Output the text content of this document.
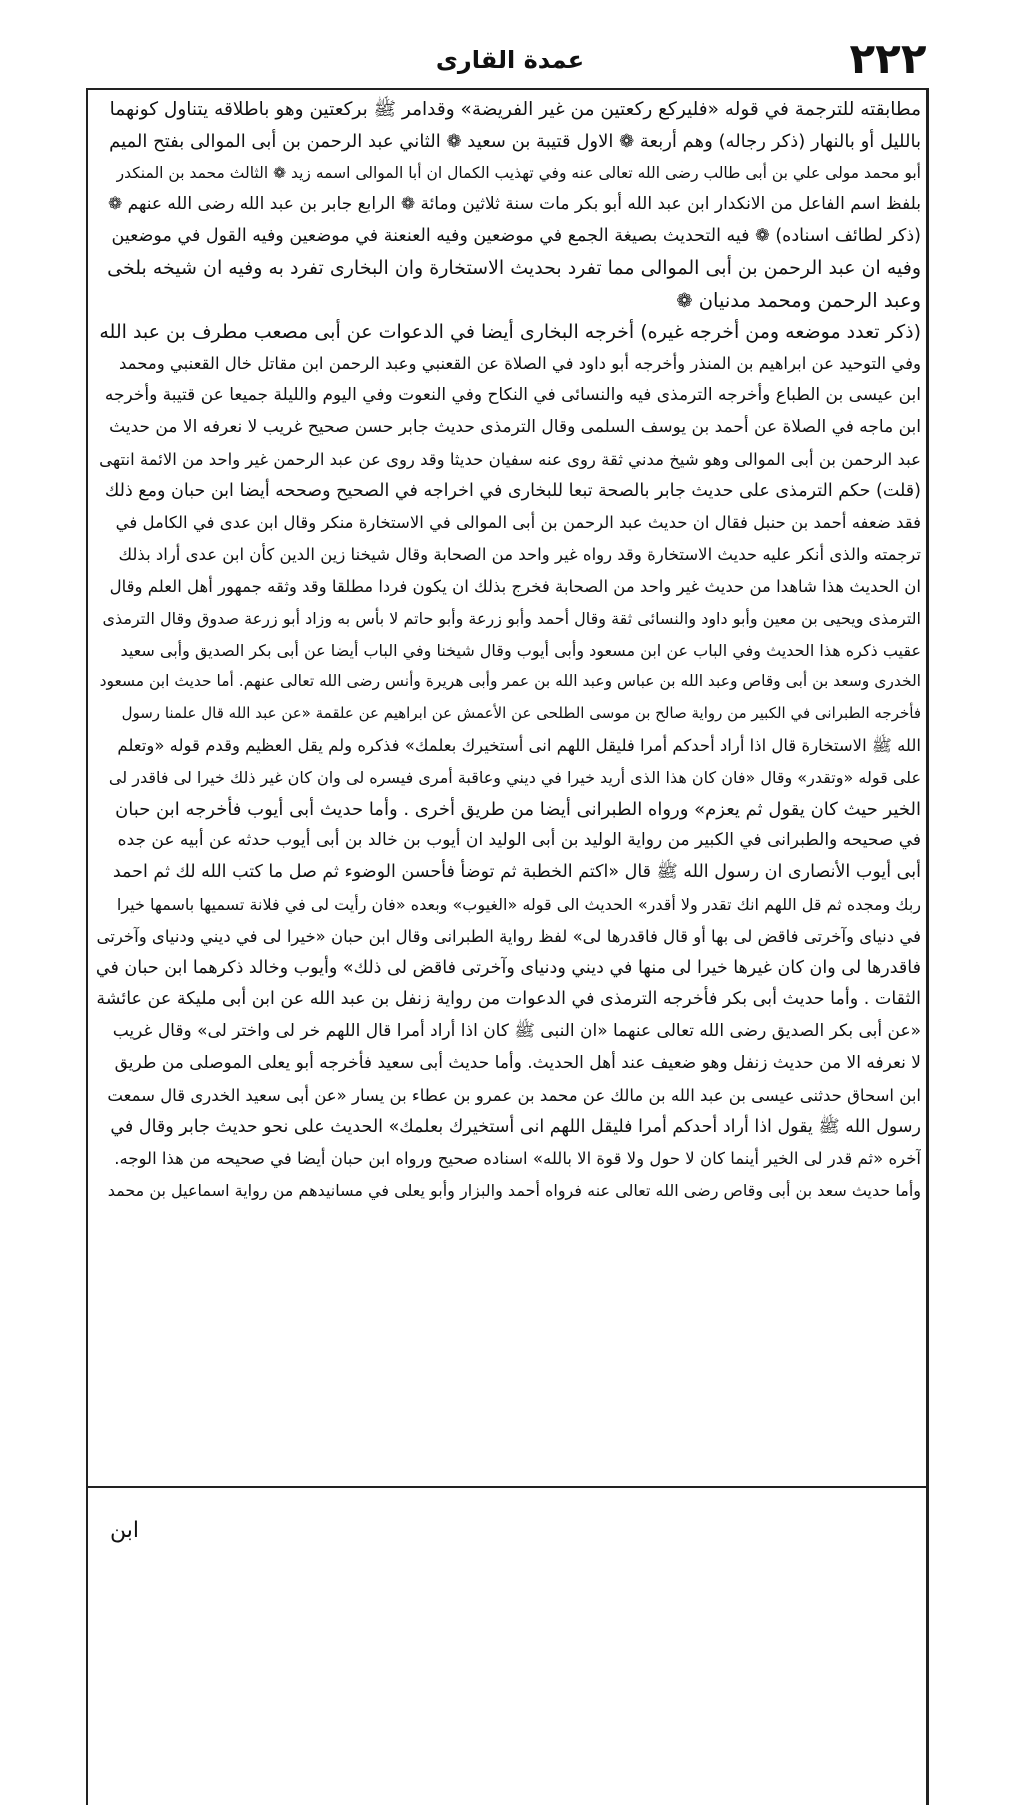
٢٢٢
عمدة القارى
مطابقته للترجمة في قوله «فليركع ركعتين من غير الفريضة» وقدامر ﷺ بركعتين وهو باطلاقه يتناول كونهما
بالليل أو بالنهار (ذكر رجاله) وهم أربعة ❁ الاول قتيبة بن سعيد ❁ الثاني عبد الرحمن بن أبى الموالى بفتح الميم
أبو محمد مولى علي بن أبى طالب رضى الله تعالى عنه وفي تهذيب الكمال ان أبا الموالى اسمه زيد ❁ الثالث محمد بن المنكدر
بلفظ اسم الفاعل من الانكدار ابن عبد الله أبو بكر مات سنة ثلاثين ومائة ❁ الرابع جابر بن عبد الله رضى الله عنهم ❁
(ذكر لطائف اسناده) ❁ فيه التحديث بصيغة الجمع في موضعين وفيه العنعنة في موضعين وفيه القول في موضعين
وفيه ان عبد الرحمن بن أبى الموالى مما تفرد بحديث الاستخارة وان البخارى تفرد به وفيه ان شيخه بلخى
وعبد الرحمن ومحمد مدنيان ❁
(ذكر تعدد موضعه ومن أخرجه غيره) أخرجه البخارى أيضا في الدعوات عن أبى مصعب مطرف بن عبد الله
وفي التوحيد عن ابراهيم بن المنذر وأخرجه أبو داود في الصلاة عن القعنبي وعبد الرحمن ابن مقاتل خال القعنبي ومحمد
ابن عيسى بن الطباع وأخرجه الترمذى فيه والنسائى في النكاح وفي النعوت وفي اليوم والليلة جميعا عن قتيبة وأخرجه
ابن ماجه في الصلاة عن أحمد بن يوسف السلمى وقال الترمذى حديث جابر حسن صحيح غريب لا نعرفه الا من حديث
عبد الرحمن بن أبى الموالى وهو شيخ مدني ثقة روى عنه سفيان حديثا وقد روى عن عبد الرحمن غير واحد من الائمة انتهى
(قلت) حكم الترمذى على حديث جابر بالصحة تبعا للبخارى في اخراجه في الصحيح وصححه أيضا ابن حبان ومع ذلك
فقد ضعفه أحمد بن حنبل فقال ان حديث عبد الرحمن بن أبى الموالى في الاستخارة منكر وقال ابن عدى في الكامل في
ترجمته والذى أنكر عليه حديث الاستخارة وقد رواه غير واحد من الصحابة وقال شيخنا زين الدين كأن ابن عدى أراد بذلك
ان الحديث هذا شاهدا من حديث غير واحد من الصحابة فخرج بذلك ان يكون فردا مطلقا وقد وثقه جمهور أهل العلم وقال
الترمذى ويحيى بن معين وأبو داود والنسائى ثقة وقال أحمد وأبو زرعة وأبو حاتم لا بأس به وزاد أبو زرعة صدوق وقال الترمذى
عقيب ذكره هذا الحديث وفي الباب عن ابن مسعود وأبى أيوب وقال شيخنا وفي الباب أيضا عن أبى بكر الصديق وأبى سعيد
الخدرى وسعد بن أبى وقاص وعبد الله بن عباس وعبد الله بن عمر وأبى هريرة وأنس رضى الله تعالى عنهم. أما حديث ابن مسعود
فأخرجه الطبرانى في الكبير من رواية صالح بن موسى الطلحى عن الأعمش عن ابراهيم عن علقمة «عن عبد الله قال علمنا رسول
الله ﷺ الاستخارة قال اذا أراد أحدكم أمرا فليقل اللهم انى أستخيرك بعلمك» فذكره ولم يقل العظيم وقدم قوله «وتعلم
على قوله «وتقدر» وقال «فان كان هذا الذى أريد خيرا في ديني وعاقبة أمرى فيسره لى وان كان غير ذلك خيرا لى فاقدر لى
الخير حيث كان يقول ثم يعزم» ورواه الطبرانى أيضا من طريق أخرى . وأما حديث أبى أيوب فأخرجه ابن حبان
في صحيحه والطبرانى في الكبير من رواية الوليد بن أبى الوليد ان أيوب بن خالد بن أبى أيوب حدثه عن أبيه عن جده
أبى أيوب الأنصارى ان رسول الله ﷺ قال «اكتم الخطبة ثم توضأ فأحسن الوضوء ثم صل ما كتب الله لك ثم احمد
ربك ومجده ثم قل اللهم انك تقدر ولا أقدر» الحديث الى قوله «الغيوب» وبعده «فان رأيت لى في فلانة تسميها باسمها خيرا
في دنياى وآخرتى فاقض لى بها أو قال فاقدرها لى» لفظ رواية الطبرانى وقال ابن حبان «خيرا لى في ديني ودنياى وآخرتى
فاقدرها لى وان كان غيرها خيرا لى منها في ديني ودنياى وآخرتى فاقض لى ذلك» وأيوب وخالد ذكرهما ابن حبان في
الثقات . وأما حديث أبى بكر فأخرجه الترمذى في الدعوات من رواية زنفل بن عبد الله عن ابن أبى مليكة عن عائشة
«عن أبى بكر الصديق رضى الله تعالى عنهما «ان النبى ﷺ كان اذا أراد أمرا قال اللهم خر لى واختر لى» وقال غريب
لا نعرفه الا من حديث زنفل وهو ضعيف عند أهل الحديث. وأما حديث أبى سعيد فأخرجه أبو يعلى الموصلى من طريق
ابن اسحاق حدثنى عيسى بن عبد الله بن مالك عن محمد بن عمرو بن عطاء بن يسار «عن أبى سعيد الخدرى قال سمعت
رسول الله ﷺ يقول اذا أراد أحدكم أمرا فليقل اللهم انى أستخيرك بعلمك» الحديث على نحو حديث جابر وقال في
آخره «ثم قدر لى الخير أينما كان لا حول ولا قوة الا بالله» اسناده صحيح ورواه ابن حبان أيضا في صحيحه من هذا الوجه.
وأما حديث سعد بن أبى وقاص رضى الله تعالى عنه فرواه أحمد والبزار وأبو يعلى في مسانيدهم من رواية اسماعيل بن محمد
ابن
